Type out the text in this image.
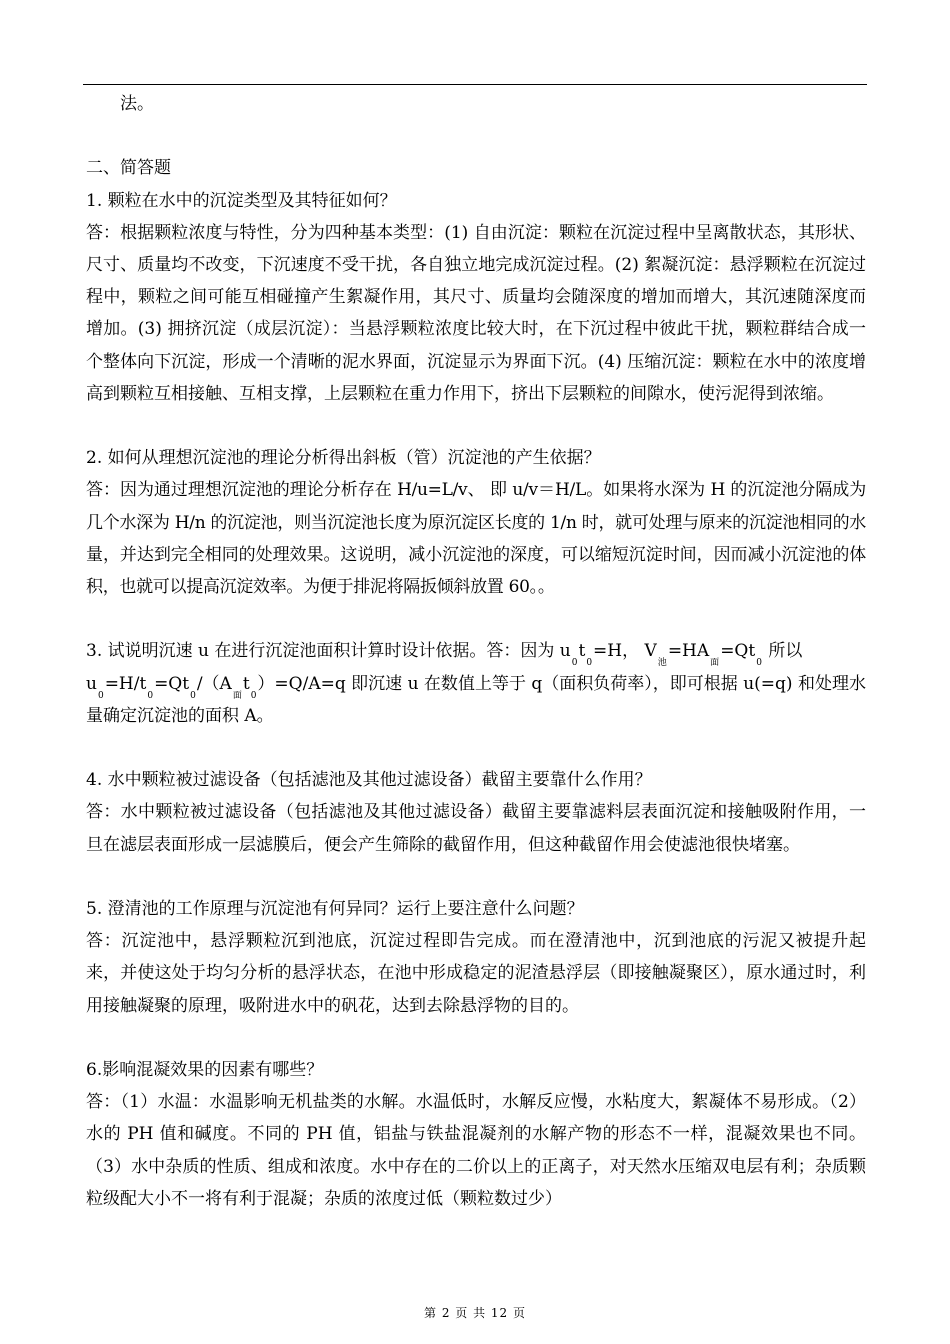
法。

二、简答题

1. 颗粒在水中的沉淀类型及其特征如何？

答：根据颗粒浓度与特性，分为四种基本类型：(1) 自由沉淀：颗粒在沉淀过程中呈离散状态，其形状、尺寸、质量均不改变，下沉速度不受干扰，各自独立地完成沉淀过程。(2) 絮凝沉淀：悬浮颗粒在沉淀过程中，颗粒之间可能互相碰撞产生絮凝作用，其尺寸、质量均会随深度的增加而增大，其沉速随深度而增加。(3) 拥挤沉淀（成层沉淀）：当悬浮颗粒浓度比较大时，在下沉过程中彼此干扰，颗粒群结合成一个整体向下沉淀，形成一个清晰的泥水界面，沉淀显示为界面下沉。(4) 压缩沉淀：颗粒在水中的浓度增高到颗粒互相接触、互相支撑，上层颗粒在重力作用下，挤出下层颗粒的间隙水，使污泥得到浓缩。

2. 如何从理想沉淀池的理论分析得出斜板（管）沉淀池的产生依据？

答：因为通过理想沉淀池的理论分析存在 H/u=L/v、 即 u/v＝H/L。如果将水深为 H 的沉淀池分隔成为几个水深为 H/n 的沉淀池，则当沉淀池长度为原沉淀区长度的 1/n 时，就可处理与原来的沉淀池相同的水量，并达到完全相同的处理效果。这说明，减小沉淀池的深度，可以缩短沉淀时间，因而减小沉淀池的体积，也就可以提高沉淀效率。为便于排泥将隔扳倾斜放置 60。。

3. 试说明沉速 u 在进行沉淀池面积计算时设计依据。答：因为 $u_0t_0=H$， $V_池=HA_面=Qt_0$ 所以
$u_0=H/t_0=Qt_0/(A_面t_0)=Q/A=q$ 即沉速 u 在数值上等于 q（面积负荷率），即可根据 u(=q) 和处理水量确定沉淀池的面积 A。

4. 水中颗粒被过滤设备（包括滤池及其他过滤设备）截留主要靠什么作用？

答：水中颗粒被过滤设备（包括滤池及其他过滤设备）截留主要靠滤料层表面沉淀和接触吸附作用，一旦在滤层表面形成一层滤膜后，便会产生筛除的截留作用，但这种截留作用会使滤池很快堵塞。

5. 澄清池的工作原理与沉淀池有何异同？运行上要注意什么问题？

答：沉淀池中，悬浮颗粒沉到池底，沉淀过程即告完成。而在澄清池中，沉到池底的污泥又被提升起来，并使这处于均匀分析的悬浮状态，在池中形成稳定的泥渣悬浮层（即接触凝聚区），原水通过时，利用接触凝聚的原理，吸附进水中的矾花，达到去除悬浮物的目的。

6.影响混凝效果的因素有哪些？

答：（1）水温：水温影响无机盐类的水解。水温低时，水解反应慢，水粘度大，絮凝体不易形成。（2）水的 PH 值和碱度。不同的 PH 值，铝盐与铁盐混凝剂的水解产物的形态不一样，混凝效果也不同。（3）水中杂质的性质、组成和浓度。水中存在的二价以上的正离子，对天然水压缩双电层有利；杂质颗粒级配大小不一将有利于混凝；杂质的浓度过低（颗粒数过少）

第 2 页 共 12 页
